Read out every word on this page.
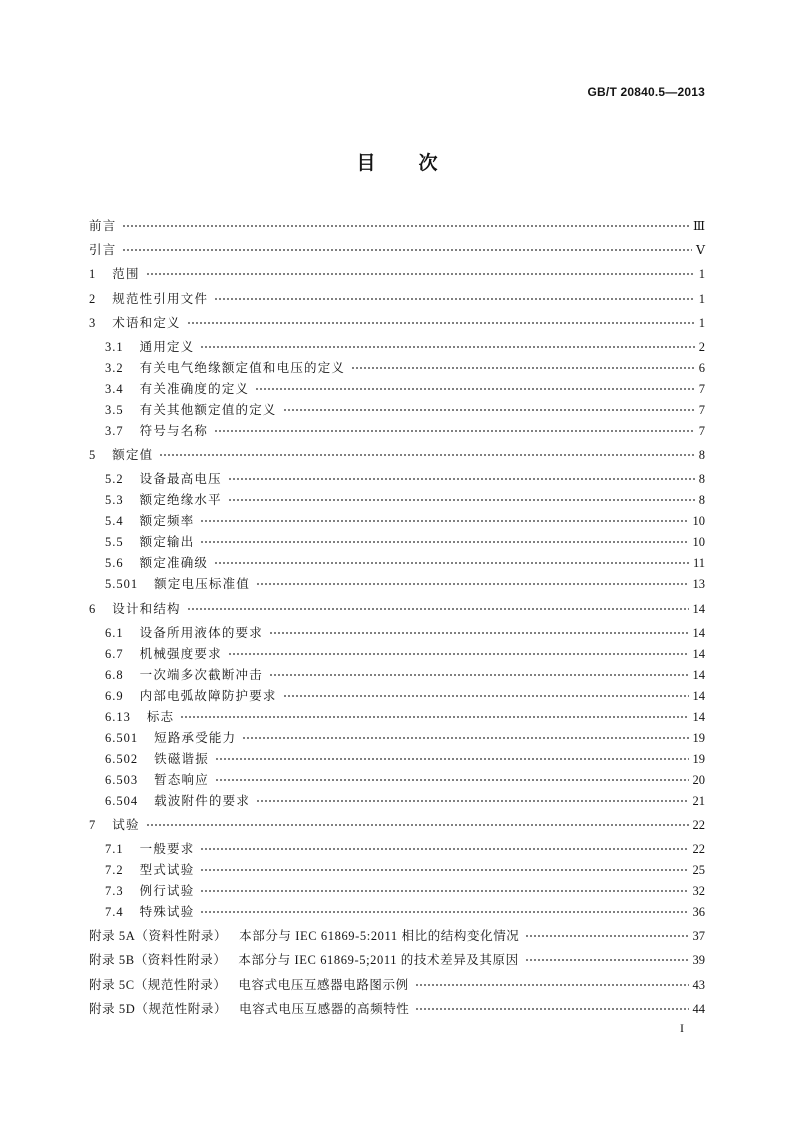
GB/T 20840.5—2013
目　次
前言	Ⅲ
引言	Ⅴ
1 范围	1
2 规范性引用文件	1
3 术语和定义	1
3.1 通用定义	2
3.2 有关电气绝缘额定值和电压的定义	6
3.4 有关准确度的定义	7
3.5 有关其他额定值的定义	7
3.7 符号与名称	7
5 额定值	8
5.2 设备最高电压	8
5.3 额定绝缘水平	8
5.4 额定频率	10
5.5 额定输出	10
5.6 额定准确级	11
5.501 额定电压标准值	13
6 设计和结构	14
6.1 设备所用液体的要求	14
6.7 机械强度要求	14
6.8 一次端多次截断冲击	14
6.9 内部电弧故障防护要求	14
6.13 标志	14
6.501 短路承受能力	19
6.502 铁磁谐振	19
6.503 暂态响应	20
6.504 载波附件的要求	21
7 试验	22
7.1 一般要求	22
7.2 型式试验	25
7.3 例行试验	32
7.4 特殊试验	36
附录 5A（资料性附录） 本部分与 IEC 61869-5:2011 相比的结构变化情况	37
附录 5B（资料性附录） 本部分与 IEC 61869-5;2011 的技术差异及其原因	39
附录 5C（规范性附录） 电容式电压互感器电路图示例	43
附录 5D（规范性附录） 电容式电压互感器的高频特性	44
I
